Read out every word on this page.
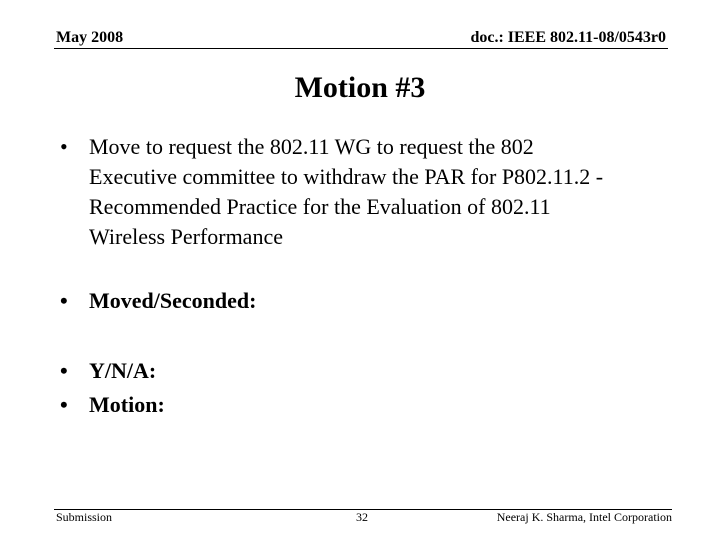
May 2008	doc.: IEEE 802.11-08/0543r0
Motion #3
• Move to request the 802.11 WG to request the 802
Executive committee to withdraw the PAR for P802.11.2 -
Recommended Practice for the Evaluation of 802.11
Wireless Performance
• Moved/Seconded:
• Y/N/A:
• Motion:
Submission	32	Neeraj K. Sharma, Intel Corporation
